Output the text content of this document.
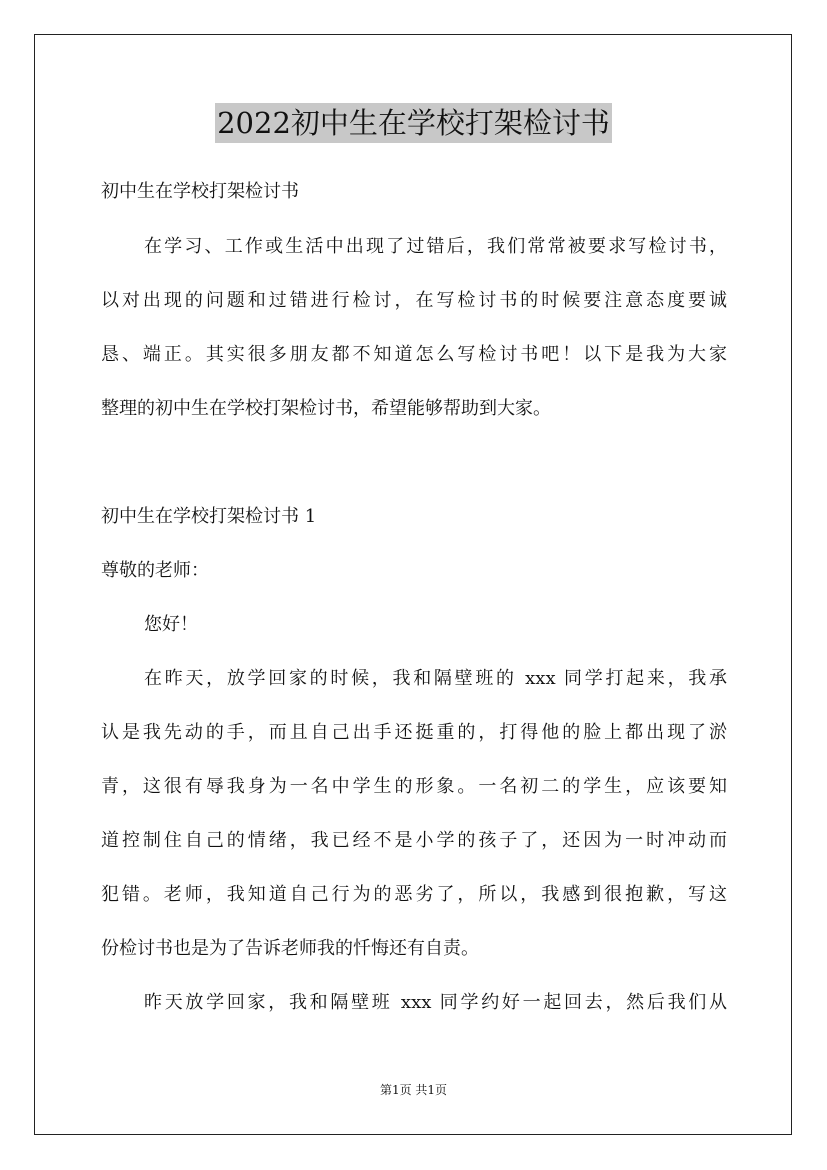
2022初中生在学校打架检讨书
初中生在学校打架检讨书
在学习、工作或生活中出现了过错后，我们常常被要求写检讨书，
以对出现的问题和过错进行检讨，在写检讨书的时候要注意态度要诚
恳、端正。其实很多朋友都不知道怎么写检讨书吧！以下是我为大家
整理的初中生在学校打架检讨书，希望能够帮助到大家。
初中生在学校打架检讨书 1
尊敬的老师：
您好！
在昨天，放学回家的时候，我和隔壁班的 xxx 同学打起来，我承
认是我先动的手，而且自己出手还挺重的，打得他的脸上都出现了淤
青，这很有辱我身为一名中学生的形象。一名初二的学生，应该要知
道控制住自己的情绪，我已经不是小学的孩子了，还因为一时冲动而
犯错。老师，我知道自己行为的恶劣了，所以，我感到很抱歉，写这
份检讨书也是为了告诉老师我的忏悔还有自责。
昨天放学回家，我和隔壁班 xxx 同学约好一起回去，然后我们从
第1页 共1页
